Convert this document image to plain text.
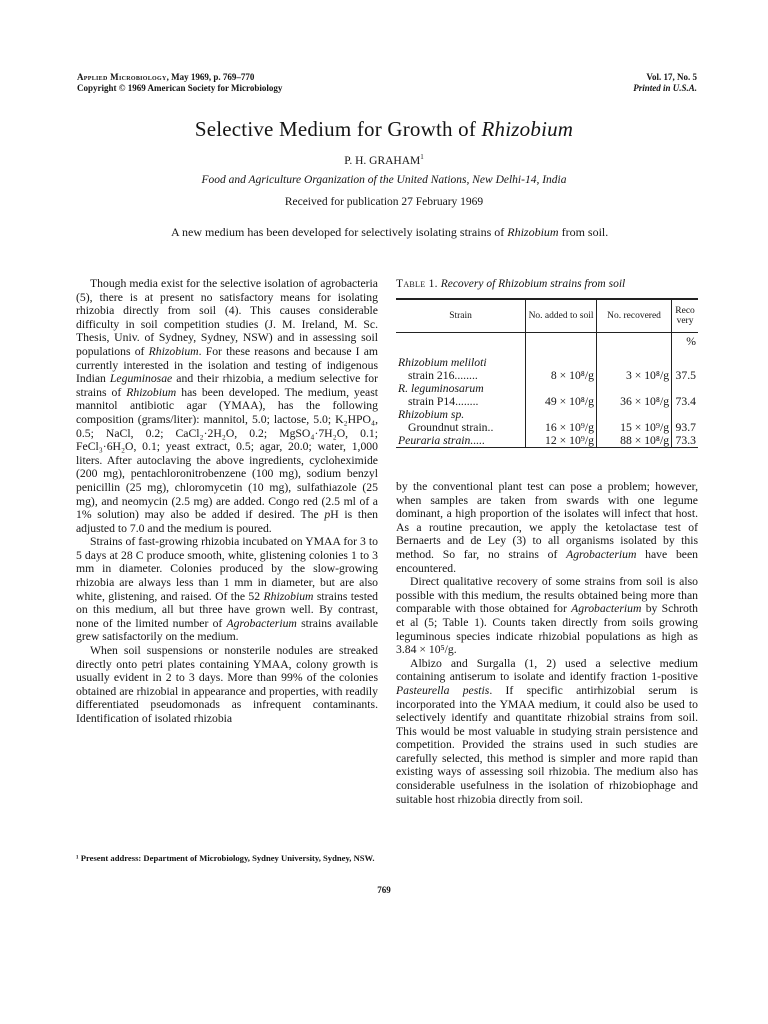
Applied Microbiology, May 1969, p. 769–770
Copyright © 1969 American Society for Microbiology
Vol. 17, No. 5
Printed in U.S.A.
Selective Medium for Growth of Rhizobium
P. H. GRAHAM$^1$
Food and Agriculture Organization of the United Nations, New Delhi-14, India
Received for publication 27 February 1969
A new medium has been developed for selectively isolating strains of Rhizobium from soil.

Though media exist for the selective isolation of agrobacteria (5), there is at present no satisfactory means for isolating rhizobia directly from soil (4). This causes considerable difficulty in soil competition studies (J. M. Ireland, M. Sc. Thesis, Univ. of Sydney, Sydney, NSW) and in assessing soil populations of Rhizobium. For these reasons and because I am currently interested in the isolation and testing of indigenous Indian Leguminosae and their rhizobia, a medium selective for strains of Rhizobium has been developed. The medium, yeast mannitol antibiotic agar (YMAA), has the following composition (grams/liter): mannitol, 5.0; lactose, 5.0; K₂HPO₄, 0.5; NaCl, 0.2; CaCl₂·2H₂O, 0.2; MgSO₄·7H₂O, 0.1; FeCl₃·6H₂O, 0.1; yeast extract, 0.5; agar, 20.0; water, 1,000 liters. After autoclaving the above ingredients, cycloheximide (200 mg), pentachloronitrobenzene (100 mg), sodium benzyl penicillin (25 mg), chloromycetin (10 mg), sulfathiazole (25 mg), and neomycin (2.5 mg) are added. Congo red (2.5 ml of a 1% solution) may also be added if desired. The pH is then adjusted to 7.0 and the medium is poured.

Strains of fast-growing rhizobia incubated on YMAA for 3 to 5 days at 28 C produce smooth, white, glistening colonies 1 to 3 mm in diameter. Colonies produced by the slow-growing rhizobia are always less than 1 mm in diameter, but are also white, glistening, and raised. Of the 52 Rhizobium strains tested on this medium, all but three have grown well. By contrast, none of the limited number of Agrobacterium strains available grew satisfactorily on the medium.

When soil suspensions or nonsterile nodules are streaked directly onto petri plates containing YMAA, colony growth is usually evident in 2 to 3 days. More than 99% of the colonies obtained are rhizobial in appearance and properties, with readily differentiated pseudomonads as infrequent contaminants. Identification of isolated rhizobia

¹ Present address: Department of Microbiology, Sydney University, Sydney, NSW.
769
Table 1. Recovery of Rhizobium strains from soil
Strain	No. added to soil	No. recovered	Recovery
			%
Rhizobium meliloti			
strain 216........	8 × 10⁸/g	3 × 10⁸/g	37.5
R. leguminosarum			
strain P14........	49 × 10⁸/g	36 × 10⁸/g	73.4
Rhizobium sp.			
Groundnut strain..	16 × 10⁹/g	15 × 10⁹/g	93.7
Peuraria strain.....	12 × 10⁹/g	88 × 10⁸/g	73.3

by the conventional plant test can pose a problem; however, when samples are taken from swards with one legume dominant, a high proportion of the isolates will infect that host. As a routine precaution, we apply the ketolactase test of Bernaerts and de Ley (3) to all organisms isolated by this method. So far, no strains of Agrobacterium have been encountered.

Direct qualitative recovery of some strains from soil is also possible with this medium, the results obtained being more than comparable with those obtained for Agrobacterium by Schroth et al (5; Table 1). Counts taken directly from soils growing leguminous species indicate rhizobial populations as high as 3.84 × 10⁵/g.

Albizo and Surgalla (1, 2) used a selective medium containing antiserum to isolate and identify fraction 1-positive Pasteurella pestis. If specific antirhizobial serum is incorporated into the YMAA medium, it could also be used to selectively identify and quantitate rhizobial strains from soil. This would be most valuable in studying strain persistence and competition. Provided the strains used in such studies are carefully selected, this method is simpler and more rapid than existing ways of assessing soil rhizobia. The medium also has considerable usefulness in the isolation of rhizobiophage and suitable host rhizobia directly from soil.
